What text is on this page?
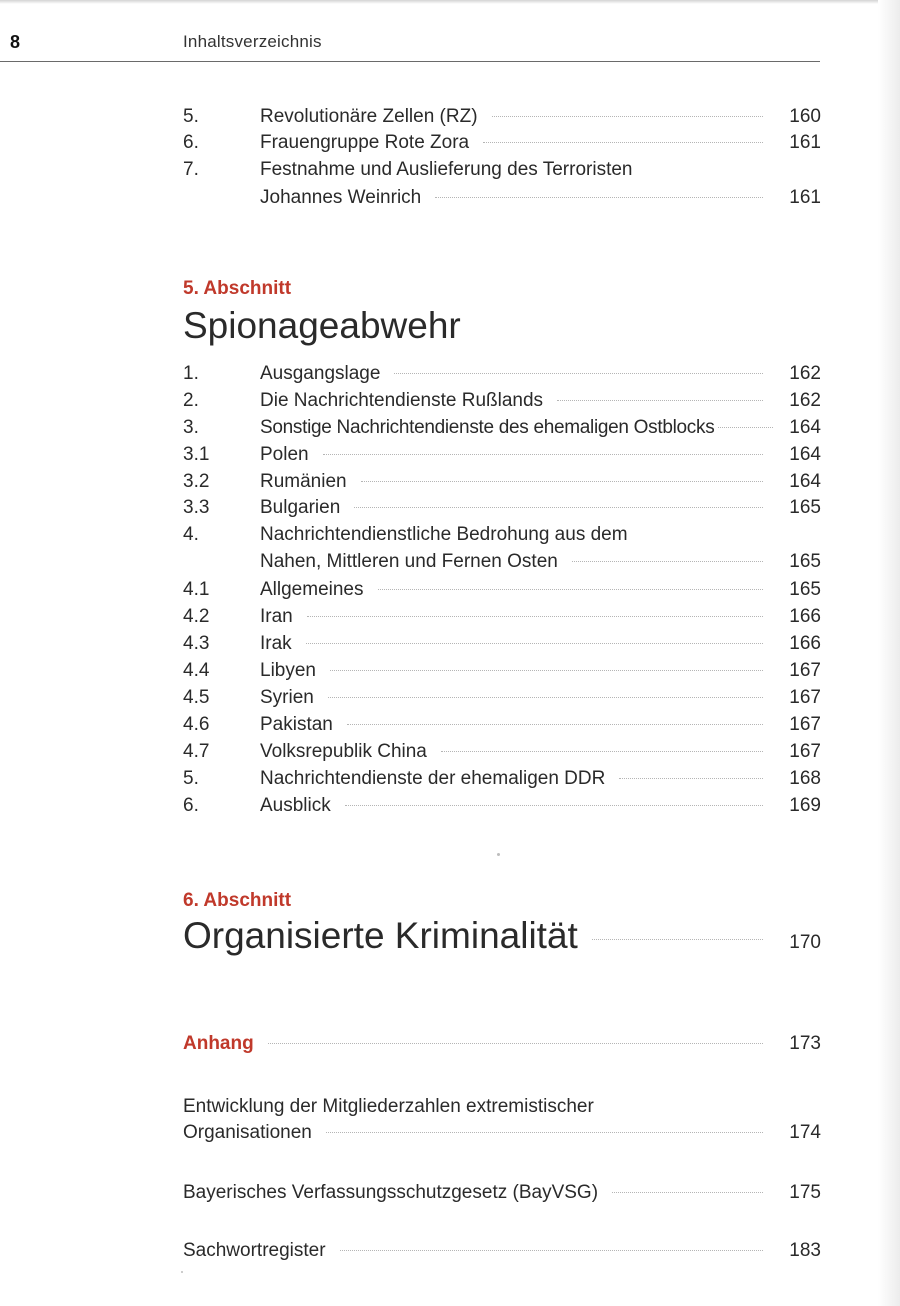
8	Inhaltsverzeichnis
5.	Revolutionäre Zellen (RZ)	160
6.	Frauengruppe Rote Zora	161
7.	Festnahme und Auslieferung des Terroristen
Johannes Weinrich	161
5. Abschnitt
Spionageabwehr
1.	Ausgangslage	162
2.	Die Nachrichtendienste Rußlands	162
3.	Sonstige Nachrichtendienste des ehemaligen Ostblocks	164
3.1	Polen	164
3.2	Rumänien	164
3.3	Bulgarien	165
4.	Nachrichtendienstliche Bedrohung aus dem
Nahen, Mittleren und Fernen Osten	165
4.1	Allgemeines	165
4.2	Iran	166
4.3	Irak	166
4.4	Libyen	167
4.5	Syrien	167
4.6	Pakistan	167
4.7	Volksrepublik China	167
5.	Nachrichtendienste der ehemaligen DDR	168
6.	Ausblick	169
6. Abschnitt
Organisierte Kriminalität	170
Anhang	173
Entwicklung der Mitgliederzahlen extremistischer
Organisationen	174
Bayerisches Verfassungsschutzgesetz (BayVSG)	175
Sachwortregister	183
